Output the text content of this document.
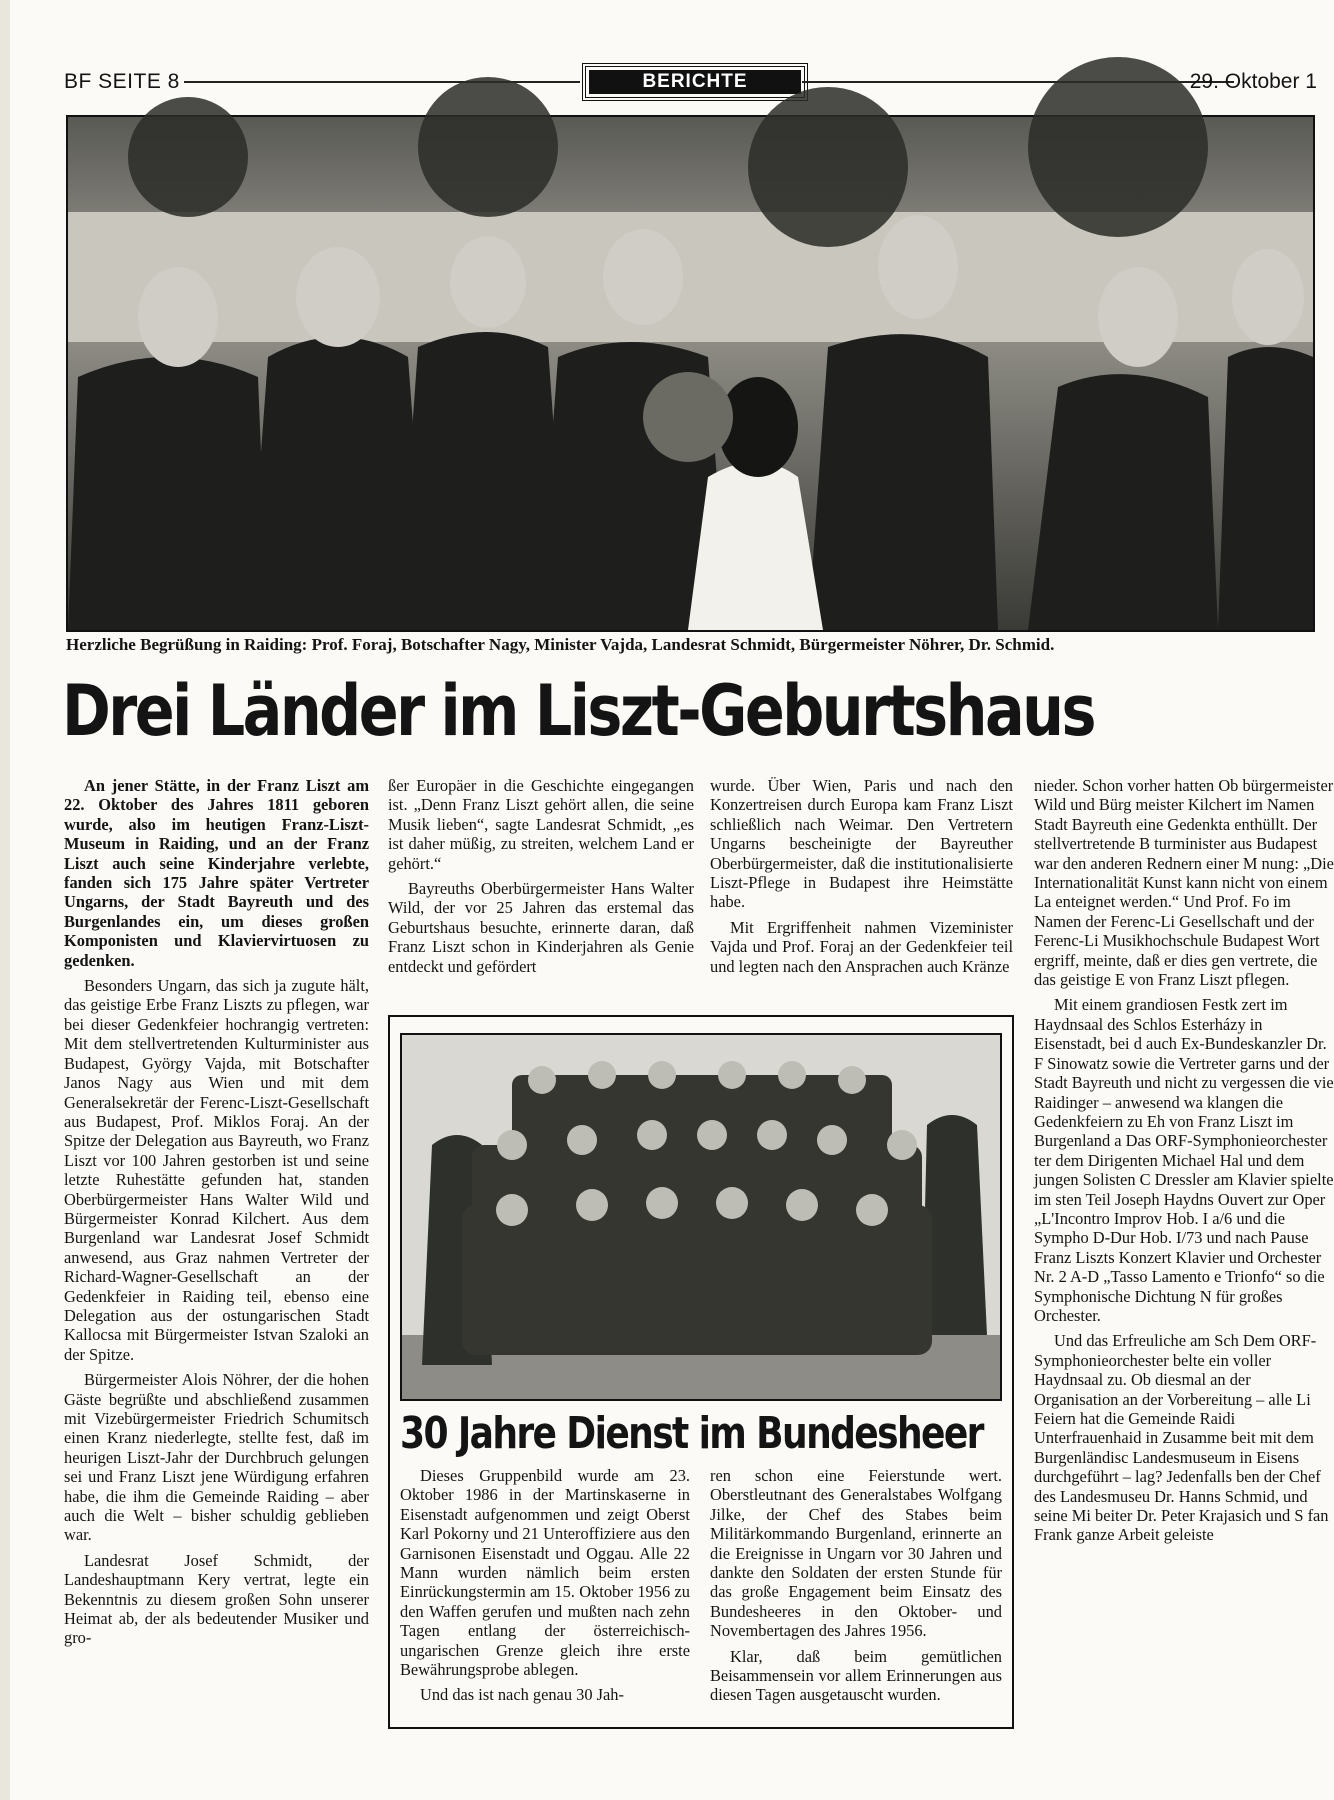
BF SEITE 8	BERICHTE	29. Oktober 1
Herzliche Begrüßung in Raiding: Prof. Foraj, Botschafter Nagy, Minister Vajda, Landesrat Schmidt, Bürgermeister Nöhrer, Dr. Schmid.
Drei Länder im Liszt-Geburtshaus

An jener Stätte, in der Franz Liszt am 22. Oktober des Jahres 1811 geboren wurde, also im heutigen Franz-Liszt-Museum in Raiding, und an der Franz Liszt auch seine Kinderjahre verlebte, fanden sich 175 Jahre später Vertreter Ungarns, der Stadt Bayreuth und des Burgenlandes ein, um dieses großen Komponisten und Klaviervirtuosen zu gedenken.

Besonders Ungarn, das sich ja zugute hält, das geistige Erbe Franz Liszts zu pflegen, war bei dieser Gedenkfeier hochrangig vertreten: Mit dem stellvertretenden Kulturminister aus Budapest, György Vajda, mit Botschafter Janos Nagy aus Wien und mit dem Generalsekretär der Ferenc-Liszt-Gesellschaft aus Budapest, Prof. Miklos Foraj. An der Spitze der Delegation aus Bayreuth, wo Franz Liszt vor 100 Jahren gestorben ist und seine letzte Ruhestätte gefunden hat, standen Oberbürgermeister Hans Walter Wild und Bürgermeister Konrad Kilchert. Aus dem Burgenland war Landesrat Josef Schmidt anwesend, aus Graz nahmen Vertreter der Richard-Wagner-Gesellschaft an der Gedenkfeier in Raiding teil, ebenso eine Delegation aus der ostungarischen Stadt Kallocsa mit Bürgermeister Istvan Szaloki an der Spitze.

Bürgermeister Alois Nöhrer, der die hohen Gäste begrüßte und abschließend zusammen mit Vizebürgermeister Friedrich Schumitsch einen Kranz niederlegte, stellte fest, daß im heurigen Liszt-Jahr der Durchbruch gelungen sei und Franz Liszt jene Würdigung erfahren habe, die ihm die Gemeinde Raiding – aber auch die Welt – bisher schuldig geblieben war.

Landesrat Josef Schmidt, der Landeshauptmann Kery vertrat, legte ein Bekenntnis zu diesem großen Sohn unserer Heimat ab, der als bedeutender Musiker und gro-

ßer Europäer in die Geschichte eingegangen ist. „Denn Franz Liszt gehört allen, die seine Musik lieben“, sagte Landesrat Schmidt, „es ist daher müßig, zu streiten, welchem Land er gehört.“

Bayreuths Oberbürgermeister Hans Walter Wild, der vor 25 Jahren das erstemal das Geburtshaus besuchte, erinnerte daran, daß Franz Liszt schon in Kinderjahren als Genie entdeckt und gefördert

wurde. Über Wien, Paris und nach den Konzertreisen durch Europa kam Franz Liszt schließlich nach Weimar. Den Vertretern Ungarns bescheinigte der Bayreuther Oberbürgermeister, daß die institutionalisierte Liszt-Pflege in Budapest ihre Heimstätte habe.

Mit Ergriffenheit nahmen Vizeminister Vajda und Prof. Foraj an der Gedenkfeier teil und legten nach den Ansprachen auch Kränze

nieder. Schon vorher hatten Ob bürgermeister Wild und Bürg meister Kilchert im Namen Stadt Bayreuth eine Gedenkta enthüllt. Der stellvertretende B turminister aus Budapest war den anderen Rednern einer M nung: „Die Internationalität Kunst kann nicht von einem La enteignet werden.“ Und Prof. Fo im Namen der Ferenc-Li Gesellschaft und der Ferenc-Li Musikhochschule Budapest Wort ergriff, meinte, daß er dies gen vertrete, die das geistige E von Franz Liszt pflegen.

Mit einem grandiosen Festk zert im Haydnsaal des Schlos Esterházy in Eisenstadt, bei d auch Ex-Bundeskanzler Dr. F Sinowatz sowie die Vertreter garns und der Stadt Bayreuth und nicht zu vergessen die vie Raidinger – anwesend wa klangen die Gedenkfeiern zu Eh von Franz Liszt im Burgenland a Das ORF-Symphonieorchester ter dem Dirigenten Michael Hal und dem jungen Solisten C Dressler am Klavier spielte im sten Teil Joseph Haydns Ouvert zur Oper „L'Incontro Improv Hob. I a/6 und die Sympho D-Dur Hob. I/73 und nach Pause Franz Liszts Konzert Klavier und Orchester Nr. 2 A-D „Tasso Lamento e Trionfo“ so die Symphonische Dichtung N für großes Orchester.

Und das Erfreuliche am Sch Dem ORF-Symphonieorchester belte ein voller Haydnsaal zu. Ob diesmal an der Organisation an der Vorbereitung – alle Li Feiern hat die Gemeinde Raidi Unterfrauenhaid in Zusamme beit mit dem Burgenländisc Landesmuseum in Eisens durchgeführt – lag? Jedenfalls ben der Chef des Landesmuseu Dr. Hanns Schmid, und seine Mi beiter Dr. Peter Krajasich und S fan Frank ganze Arbeit geleiste

30 Jahre Dienst im Bundesheer

Dieses Gruppenbild wurde am 23. Oktober 1986 in der Martinskaserne in Eisenstadt aufgenommen und zeigt Oberst Karl Pokorny und 21 Unteroffiziere aus den Garnisonen Eisenstadt und Oggau. Alle 22 Mann wurden nämlich beim ersten Einrückungstermin am 15. Oktober 1956 zu den Waffen gerufen und mußten nach zehn Tagen entlang der österreichisch-ungarischen Grenze gleich ihre erste Bewährungsprobe ablegen.

Und das ist nach genau 30 Jah-

ren schon eine Feierstunde wert. Oberstleutnant des Generalstabes Wolfgang Jilke, der Chef des Stabes beim Militärkommando Burgenland, erinnerte an die Ereignisse in Ungarn vor 30 Jahren und dankte den Soldaten der ersten Stunde für das große Engagement beim Einsatz des Bundesheeres in den Oktober- und Novembertagen des Jahres 1956.

Klar, daß beim gemütlichen Beisammensein vor allem Erinnerungen aus diesen Tagen ausgetauscht wurden.
